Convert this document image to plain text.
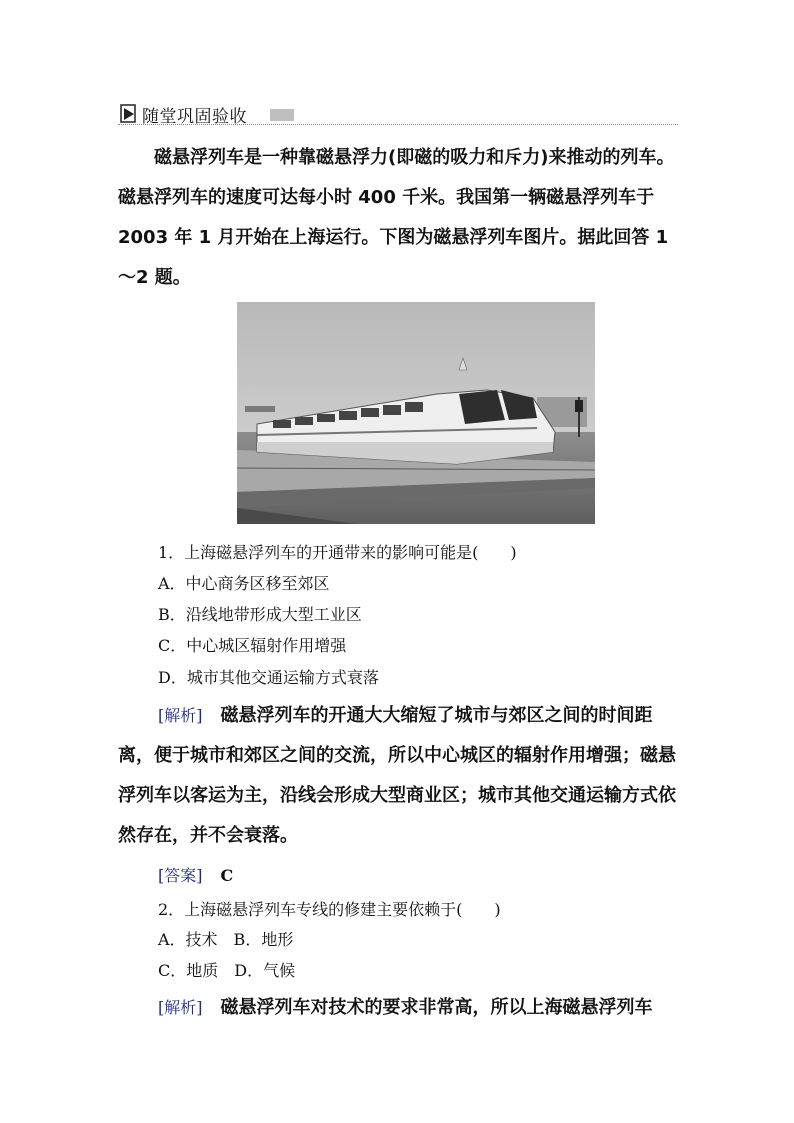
随堂巩固验收
磁悬浮列车是一种靠磁悬浮力(即磁的吸力和斥力)来推动的列车。磁悬浮列车的速度可达每小时 400 千米。我国第一辆磁悬浮列车于 2003 年 1 月开始在上海运行。下图为磁悬浮列车图片。据此回答 1～2 题。
1．上海磁悬浮列车的开通带来的影响可能是(　　)
A．中心商务区移至郊区
B．沿线地带形成大型工业区
C．中心城区辐射作用增强
D．城市其他交通运输方式衰落
[解析] 磁悬浮列车的开通大大缩短了城市与郊区之间的时间距离，便于城市和郊区之间的交流，所以中心城区的辐射作用增强；磁悬浮列车以客运为主，沿线会形成大型商业区；城市其他交通运输方式依然存在，并不会衰落。
[答案] C
2．上海磁悬浮列车专线的修建主要依赖于(　　)
A．技术　B．地形
C．地质　D．气候
[解析] 磁悬浮列车对技术的要求非常高，所以上海磁悬浮列车
